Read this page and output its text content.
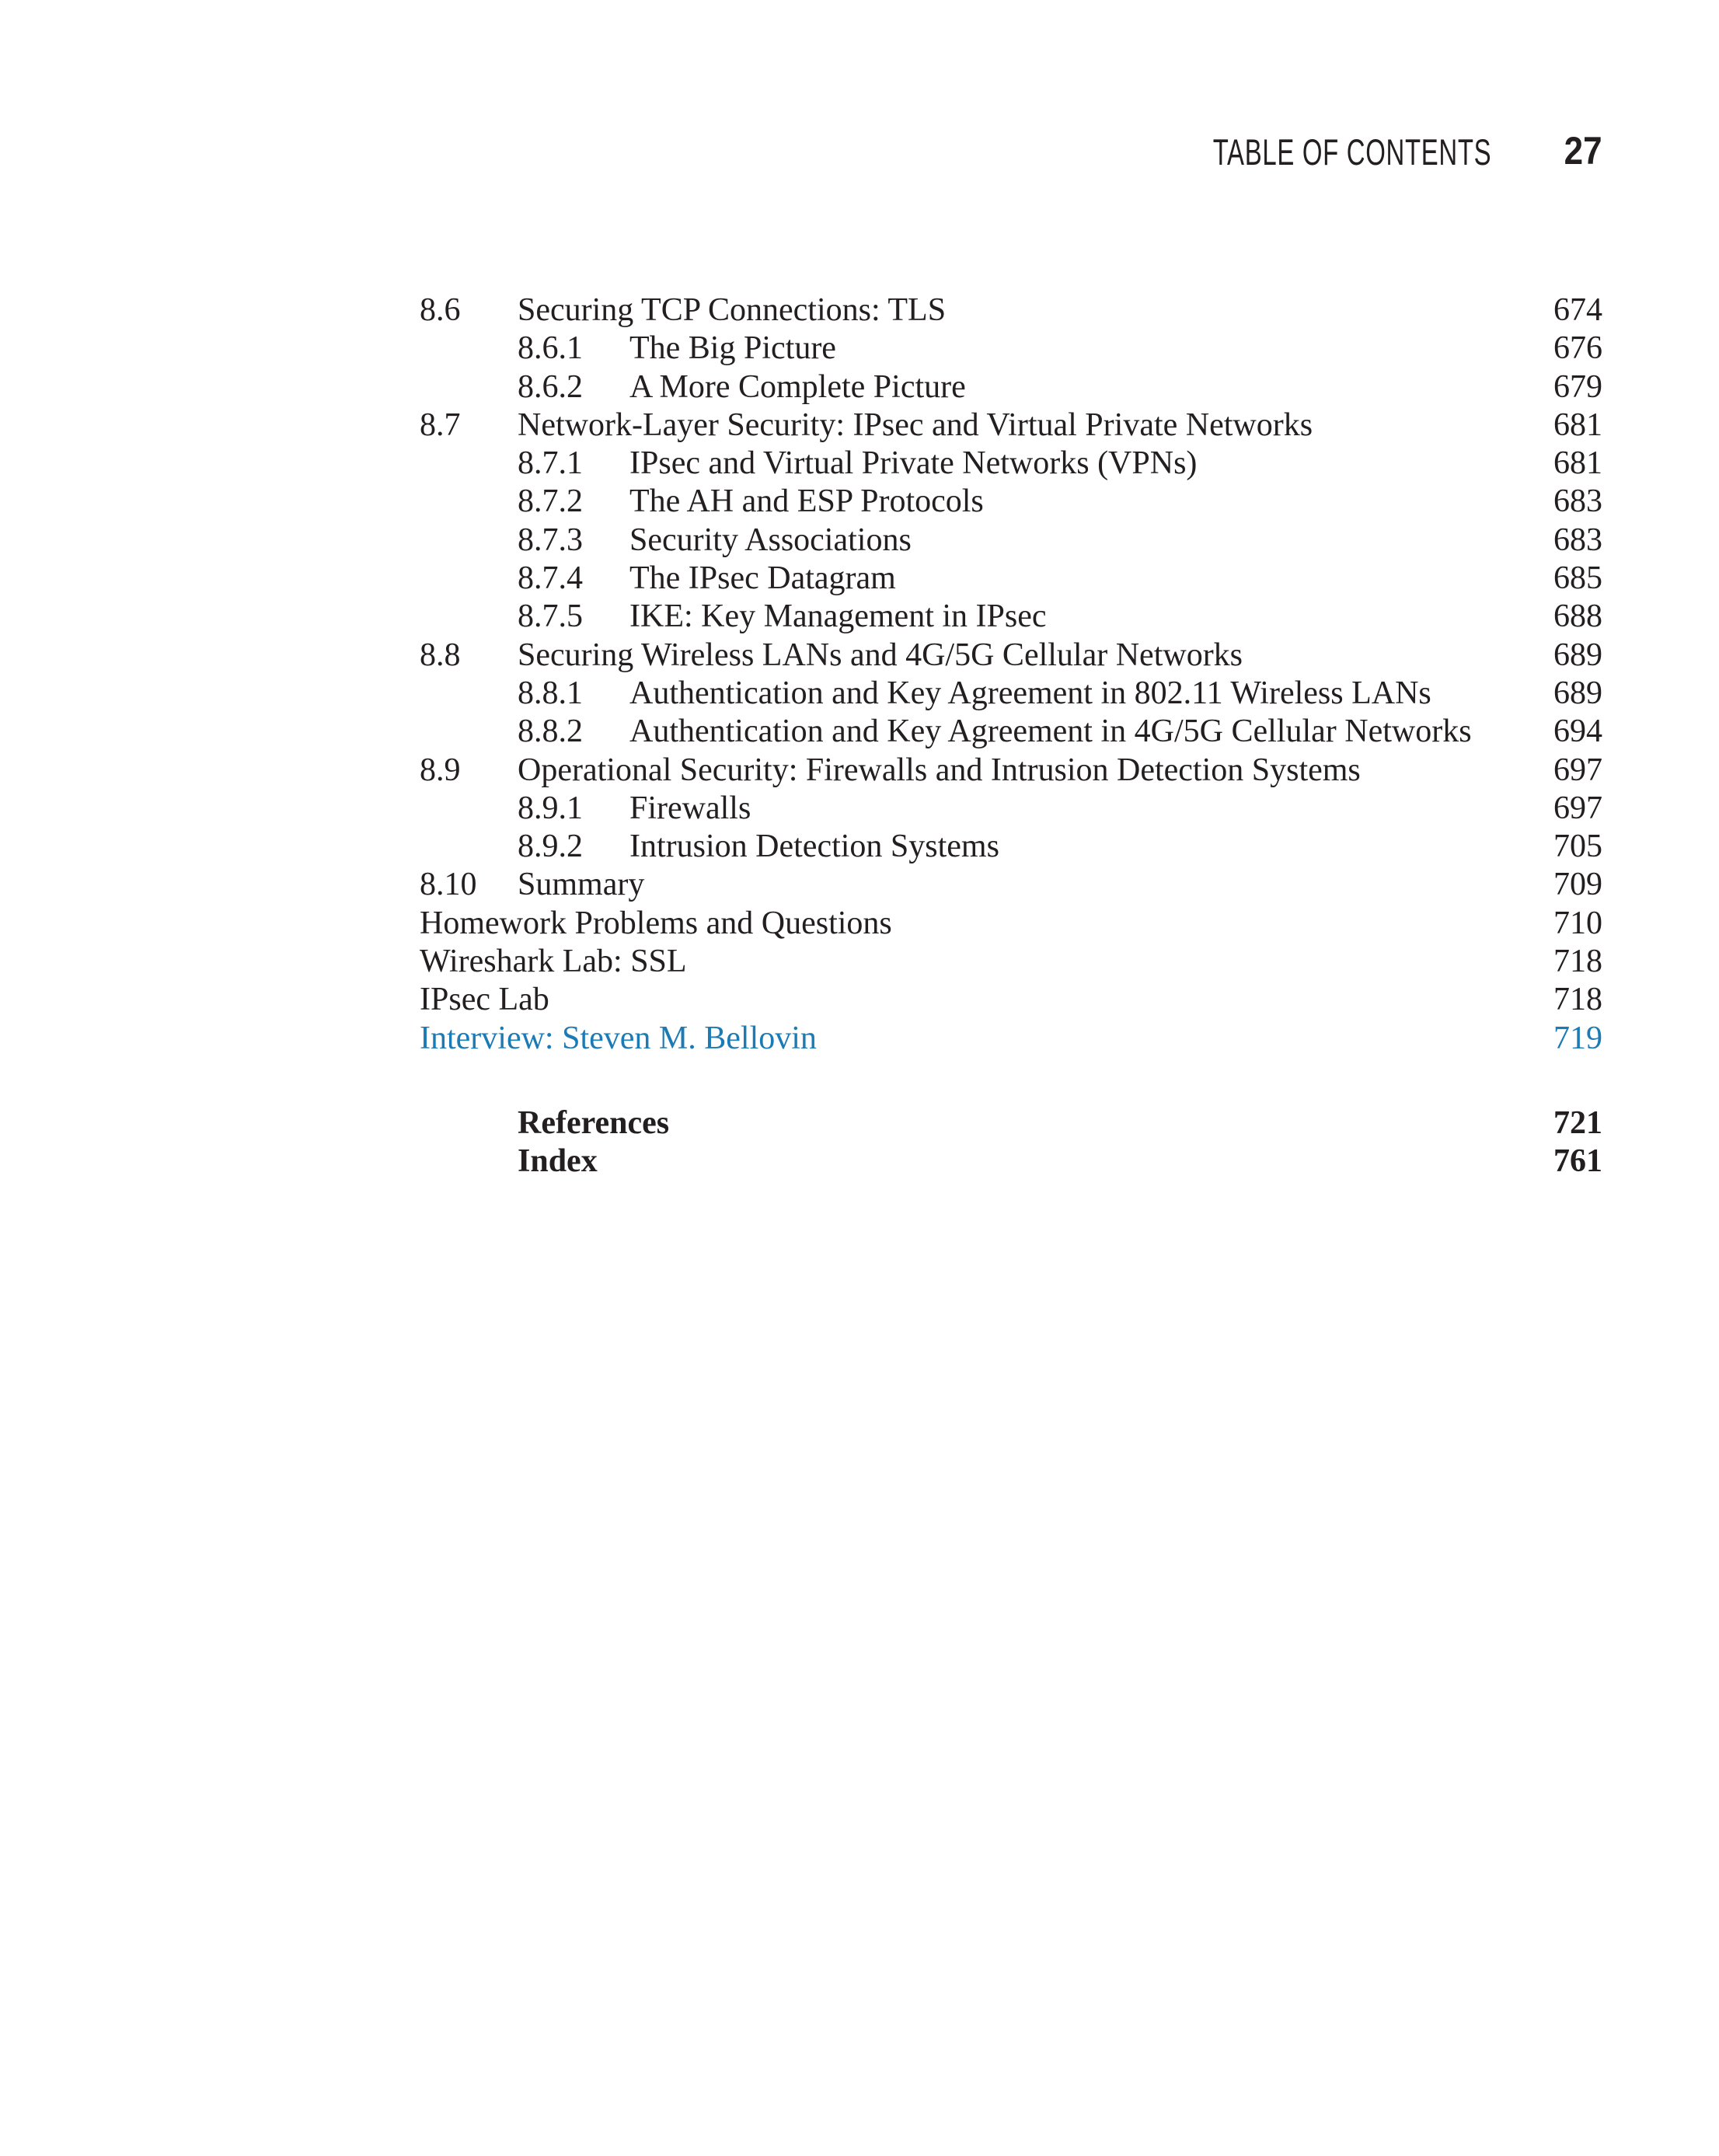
TABLE OF CONTENTS 27
8.6	Securing TCP Connections: TLS	674
8.6.1	The Big Picture	676
8.6.2	A More Complete Picture	679
8.7	Network-Layer Security: IPsec and Virtual Private Networks	681
8.7.1	IPsec and Virtual Private Networks (VPNs)	681
8.7.2	The AH and ESP Protocols	683
8.7.3	Security Associations	683
8.7.4	The IPsec Datagram	685
8.7.5	IKE: Key Management in IPsec	688
8.8	Securing Wireless LANs and 4G/5G Cellular Networks	689
8.8.1	Authentication and Key Agreement in 802.11 Wireless LANs	689
8.8.2	Authentication and Key Agreement in 4G/5G Cellular Networks	694
8.9	Operational Security: Firewalls and Intrusion Detection Systems	697
8.9.1	Firewalls	697
8.9.2	Intrusion Detection Systems	705
8.10	Summary	709
Homework Problems and Questions	710
Wireshark Lab: SSL	718
IPsec Lab	718
Interview: Steven M. Bellovin	719
References	721
Index	761
